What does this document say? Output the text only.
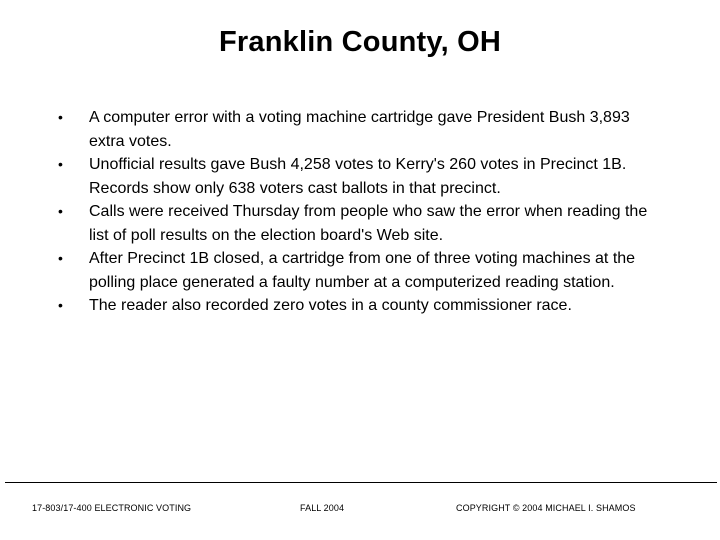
Franklin County, OH
• A computer error with a voting machine cartridge gave President Bush 3,893 extra votes.
• Unofficial results gave Bush 4,258 votes to Kerry's 260 votes in Precinct 1B. Records show only 638 voters cast ballots in that precinct.
• Calls were received Thursday from people who saw the error when reading the list of poll results on the election board's Web site.
• After Precinct 1B closed, a cartridge from one of three voting machines at the polling place generated a faulty number at a computerized reading station.
• The reader also recorded zero votes in a county commissioner race.
17-803/17-400 ELECTRONIC VOTING	FALL 2004	COPYRIGHT © 2004 MICHAEL I. SHAMOS
